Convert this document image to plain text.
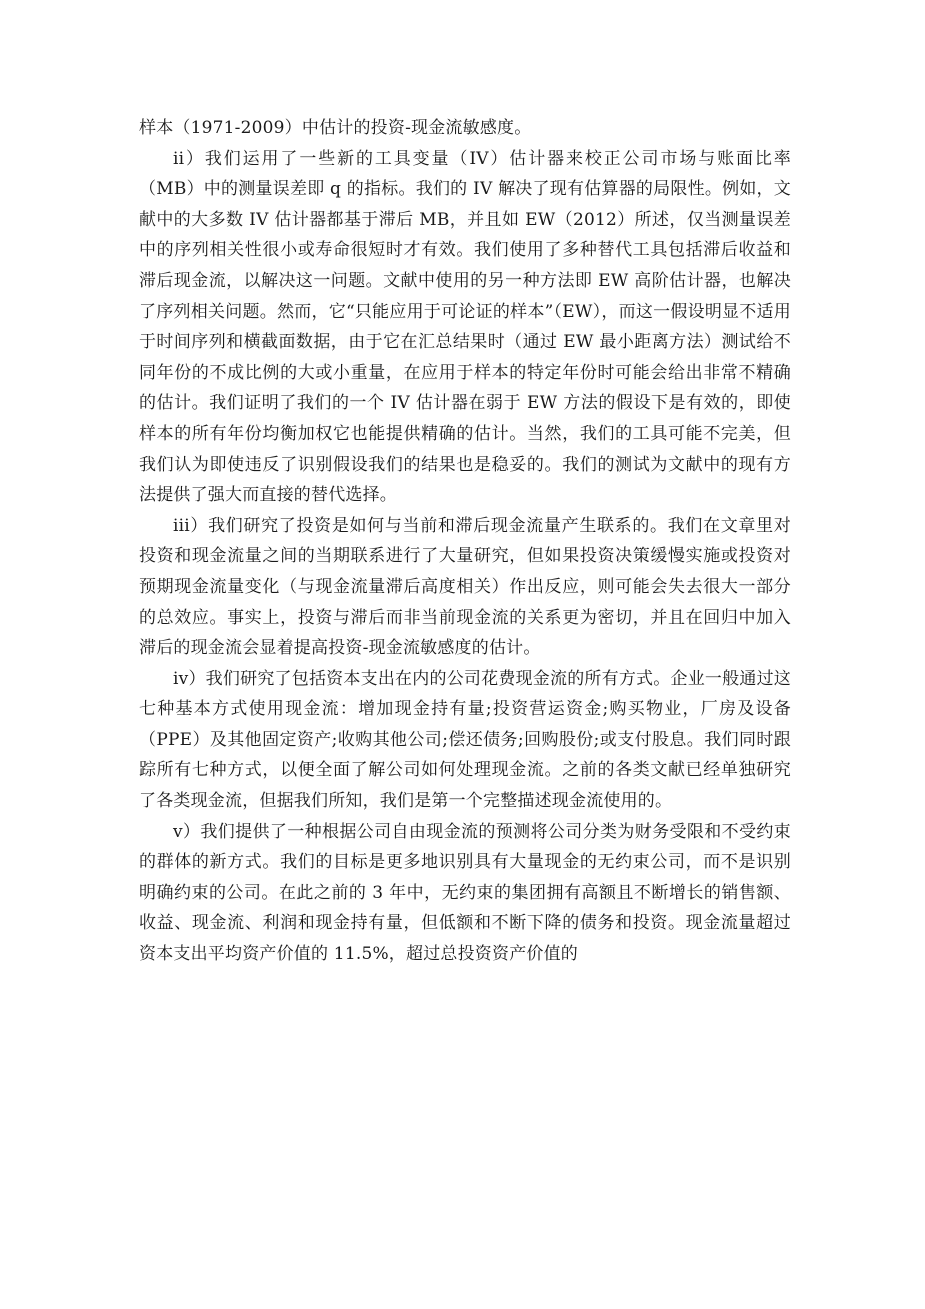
样本（1971-2009）中估计的投资-现金流敏感度。

ii）我们运用了一些新的工具变量（IV）估计器来校正公司市场与账面比率（MB）中的测量误差即 q 的指标。我们的 IV 解决了现有估算器的局限性。例如，文献中的大多数 IV 估计器都基于滞后 MB，并且如 EW（2012）所述，仅当测量误差中的序列相关性很小或寿命很短时才有效。我们使用了多种替代工具包括滞后收益和滞后现金流，以解决这一问题。文献中使用的另一种方法即 EW 高阶估计器，也解决了序列相关问题。然而，它“只能应用于可论证的样本”（EW），而这一假设明显不适用于时间序列和横截面数据，由于它在汇总结果时（通过 EW 最小距离方法）测试给不同年份的不成比例的大或小重量，在应用于样本的特定年份时可能会给出非常不精确的估计。我们证明了我们的一个 IV 估计器在弱于 EW 方法的假设下是有效的，即使样本的所有年份均衡加权它也能提供精确的估计。当然，我们的工具可能不完美，但我们认为即使违反了识别假设我们的结果也是稳妥的。我们的测试为文献中的现有方法提供了强大而直接的替代选择。

iii）我们研究了投资是如何与当前和滞后现金流量产生联系的。我们在文章里对投资和现金流量之间的当期联系进行了大量研究，但如果投资决策缓慢实施或投资对预期现金流量变化（与现金流量滞后高度相关）作出反应，则可能会失去很大一部分的总效应。事实上，投资与滞后而非当前现金流的关系更为密切，并且在回归中加入滞后的现金流会显着提高投资-现金流敏感度的估计。

iv）我们研究了包括资本支出在内的公司花费现金流的所有方式。企业一般通过这七种基本方式使用现金流：增加现金持有量;投资营运资金;购买物业，厂房及设备（PPE）及其他固定资产;收购其他公司;偿还债务;回购股份;或支付股息。我们同时跟踪所有七种方式，以便全面了解公司如何处理现金流。之前的各类文献已经单独研究了各类现金流，但据我们所知，我们是第一个完整描述现金流使用的。

v）我们提供了一种根据公司自由现金流的预测将公司分类为财务受限和不受约束的群体的新方式。我们的目标是更多地识别具有大量现金的无约束公司，而不是识别明确约束的公司。在此之前的 3 年中，无约束的集团拥有高额且不断增长的销售额、收益、现金流、利润和现金持有量，但低额和不断下降的债务和投资。现金流量超过资本支出平均资产价值的 11.5%，超过总投资资产价值的
